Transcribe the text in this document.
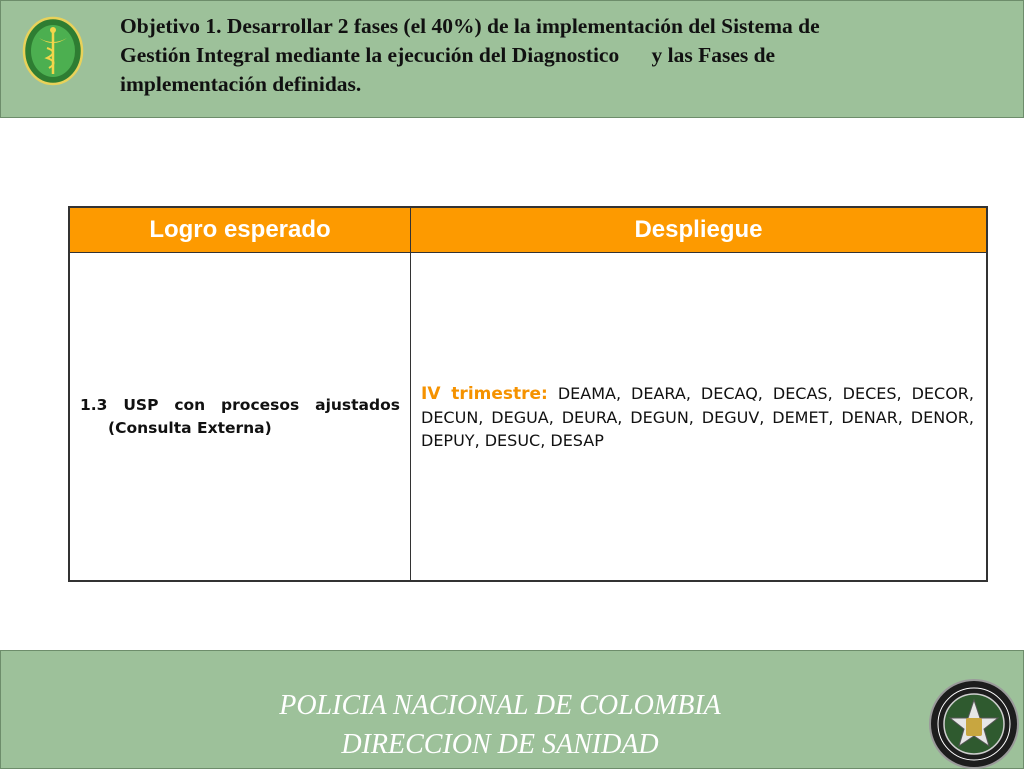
Objetivo 1. Desarrollar 2 fases (el 40%) de la implementación del Sistema de
Gestión Integral mediante la ejecución del Diagnostico      y las Fases de
implementación definidas.

Logro esperado	Despliegue

1.3 USP con procesos ajustados (Consulta Externa)	IV trimestre: DEAMA, DEARA, DECAQ, DECAS, DECES, DECOR, DECUN, DEGUA, DEURA, DEGUN, DEGUV, DEMET, DENAR, DENOR, DEPUY, DESUC, DESAP
POLICIA NACIONAL DE COLOMBIA
DIRECCION DE SANIDAD
